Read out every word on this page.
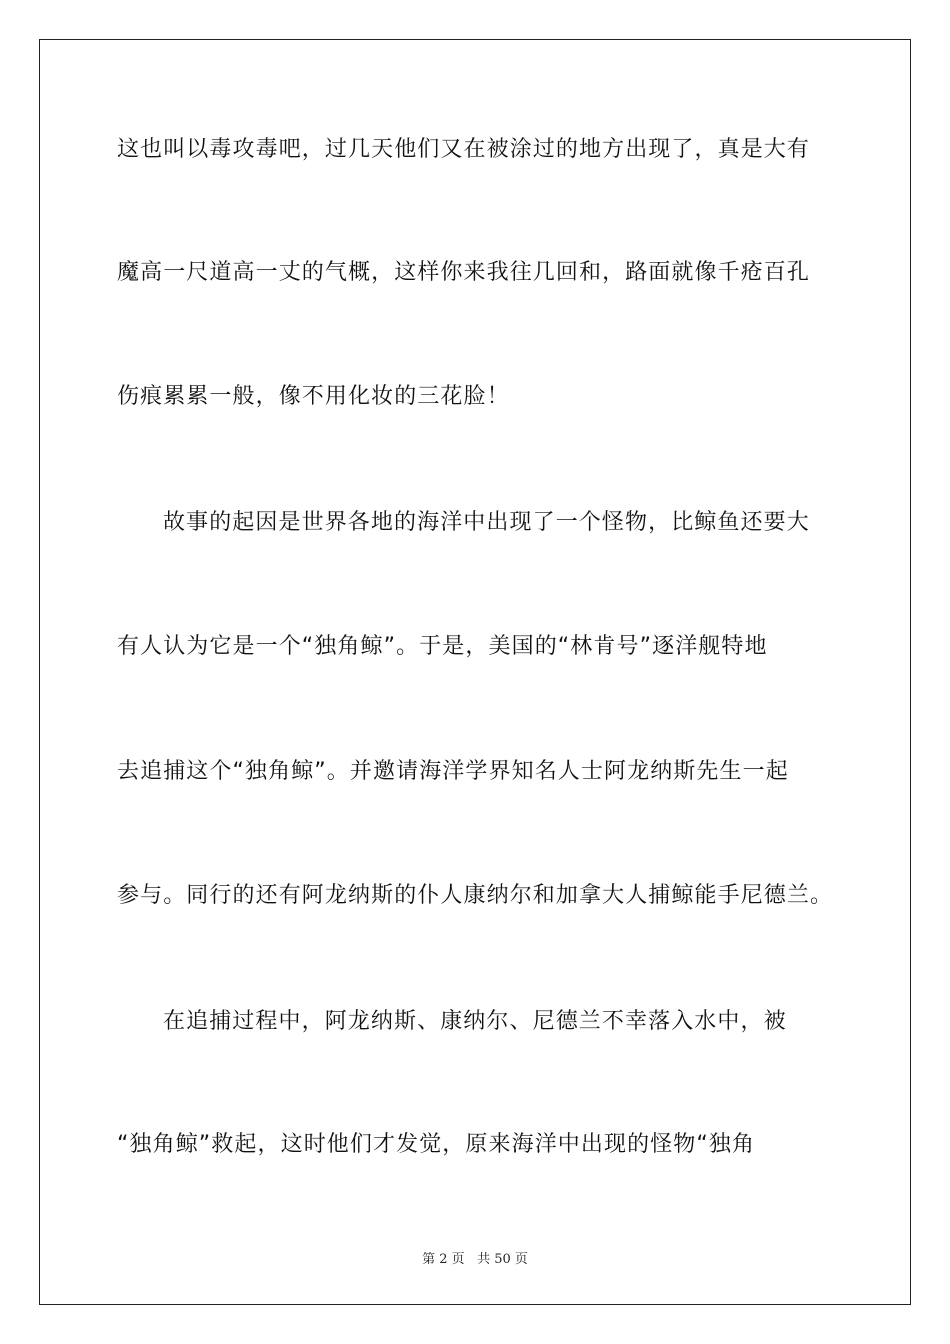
这也叫以毒攻毒吧，过几天他们又在被涂过的地方出现了，真是大有
魔高一尺道高一丈的气概，这样你来我往几回和，路面就像千疮百孔
伤痕累累一般，像不用化妆的三花脸！
故事的起因是世界各地的海洋中出现了一个怪物，比鲸鱼还要大
有人认为它是一个“独角鲸”。于是，美国的“林肯号”逐洋舰特地
去追捕这个“独角鲸”。并邀请海洋学界知名人士阿龙纳斯先生一起
参与。同行的还有阿龙纳斯的仆人康纳尔和加拿大人捕鲸能手尼德兰。
在追捕过程中，阿龙纳斯、康纳尔、尼德兰不幸落入水中，被
“独角鲸”救起，这时他们才发觉，原来海洋中出现的怪物“独角
第 2 页 共 50 页
